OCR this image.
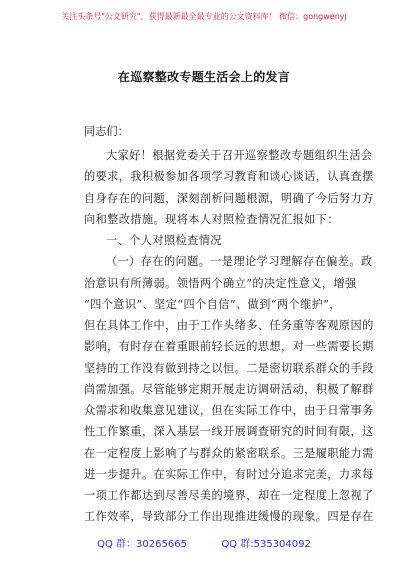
关注头条号"公文研究"，获得最新最全最专业的公文资料库！ 微信：gongwenyj
在巡察整改专题生活会上的发言
同志们：
大家好！根据党委关于召开巡察整改专题组织生活会
的要求，我积极参加各项学习教育和谈心谈话，认真查摆
自身存在的问题，深刻剖析问题根源，明确了今后努力方
向和整改措施。现将本人对照检查情况汇报如下：
一、个人对照检查情况
（一）存在的问题。一是理论学习理解存在偏差。政
治意识有所薄弱。领悟两个确立”的决定性意义，增强
“四个意识”、坚定“四个自信”、做到“两个维护”，
但在具体工作中，由于工作头绪多、任务重等客观原因的
影响，有时存在着重眼前轻长远的思想，对一些需要长期
坚持的工作没有做到持之以恒。二是密切联系群众的手段
尚需加强。尽管能够定期开展走访调研活动，积极了解群
众需求和收集意见建议，但在实际工作中，由于日常事务
性工作繁重，深入基层一线开展调查研究的时间有限，这
在一定程度上影响了与群众的紧密联系。三是履职能力需
进一步提升。在实际工作中，有时过分追求完美，力求每
一项工作都达到尽善尽美的境界，却在一定程度上忽视了
工作效率，导致部分工作出现推进缓慢的现象。四是存在
QQ 群：30265665	QQ 群:535304092
